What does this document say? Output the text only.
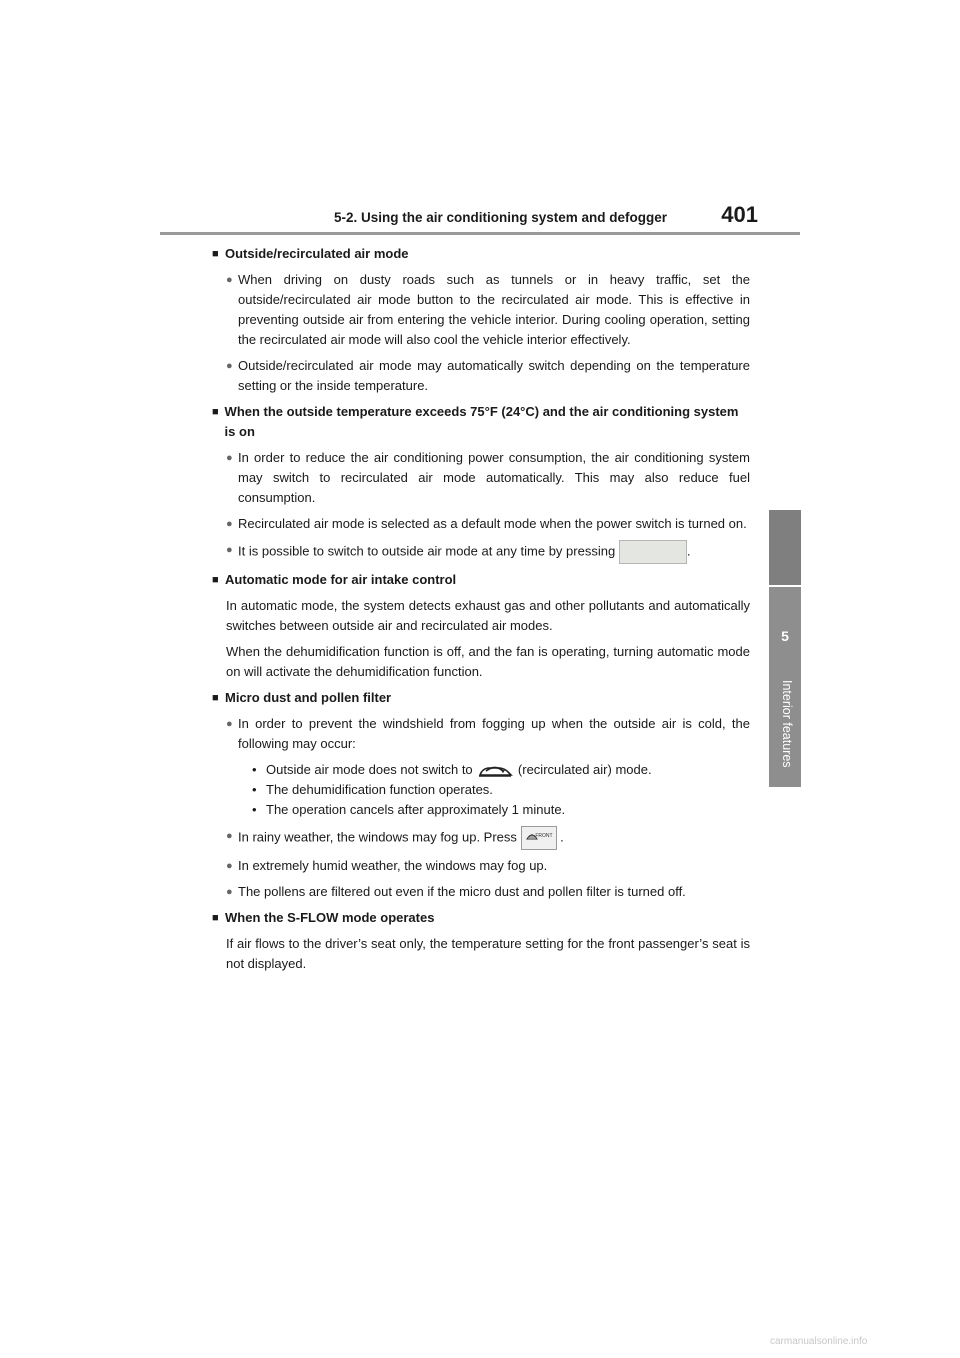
5-2. Using the air conditioning system and defogger 401
5
Interior features
■ Outside/recirculated air mode
● When driving on dusty roads such as tunnels or in heavy traffic, set the outside/recirculated air mode button to the recirculated air mode. This is effective in preventing outside air from entering the vehicle interior. During cooling operation, setting the recirculated air mode will also cool the vehicle interior effectively.
● Outside/recirculated air mode may automatically switch depending on the temperature setting or the inside temperature.
■ When the outside temperature exceeds 75°F (24°C) and the air conditioning system is on
● In order to reduce the air conditioning power consumption, the air conditioning system may switch to recirculated air mode automatically. This may also reduce fuel consumption.
● Recirculated air mode is selected as a default mode when the power switch is turned on.
● It is possible to switch to outside air mode at any time by pressing	.
■ Automatic mode for air intake control
In automatic mode, the system detects exhaust gas and other pollutants and automatically switches between outside air and recirculated air modes.
When the dehumidification function is off, and the fan is operating, turning automatic mode on will activate the dehumidification function.
■ Micro dust and pollen filter
● In order to prevent the windshield from fogging up when the outside air is cold, the following may occur:
• Outside air mode does not switch to	(recirculated air) mode.
• The dehumidification function operates.
• The operation cancels after approximately 1 minute.
● In rainy weather, the windows may fog up. Press	FRONT .
● In extremely humid weather, the windows may fog up.
● The pollens are filtered out even if the micro dust and pollen filter is turned off.
■ When the S-FLOW mode operates
If air flows to the driver’s seat only, the temperature setting for the front passenger’s seat is not displayed.
carmanualsonline.info
